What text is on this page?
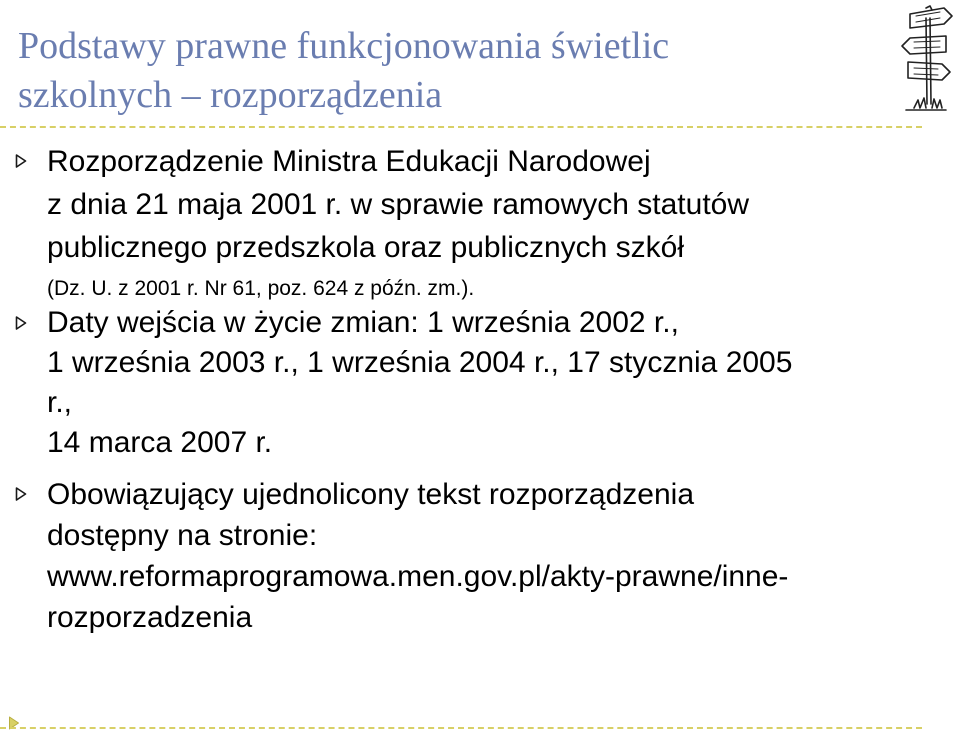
Podstawy prawne funkcjonowania świetlic
szkolnych – rozporządzenia
Rozporządzenie Ministra Edukacji Narodowej
z dnia 21 maja 2001 r. w sprawie ramowych statutów
publicznego przedszkola oraz publicznych szkół
(Dz. U. z 2001 r. Nr 61, poz. 624 z późn. zm.).
Daty wejścia w życie zmian: 1 września 2002 r.,
1 września 2003 r., 1 września 2004 r., 17 stycznia 2005
r.,
14 marca 2007 r.
Obowiązujący ujednolicony tekst rozporządzenia
dostępny na stronie:
www.reformaprogramowa.men.gov.pl/akty-prawne/inne-
rozporzadzenia
